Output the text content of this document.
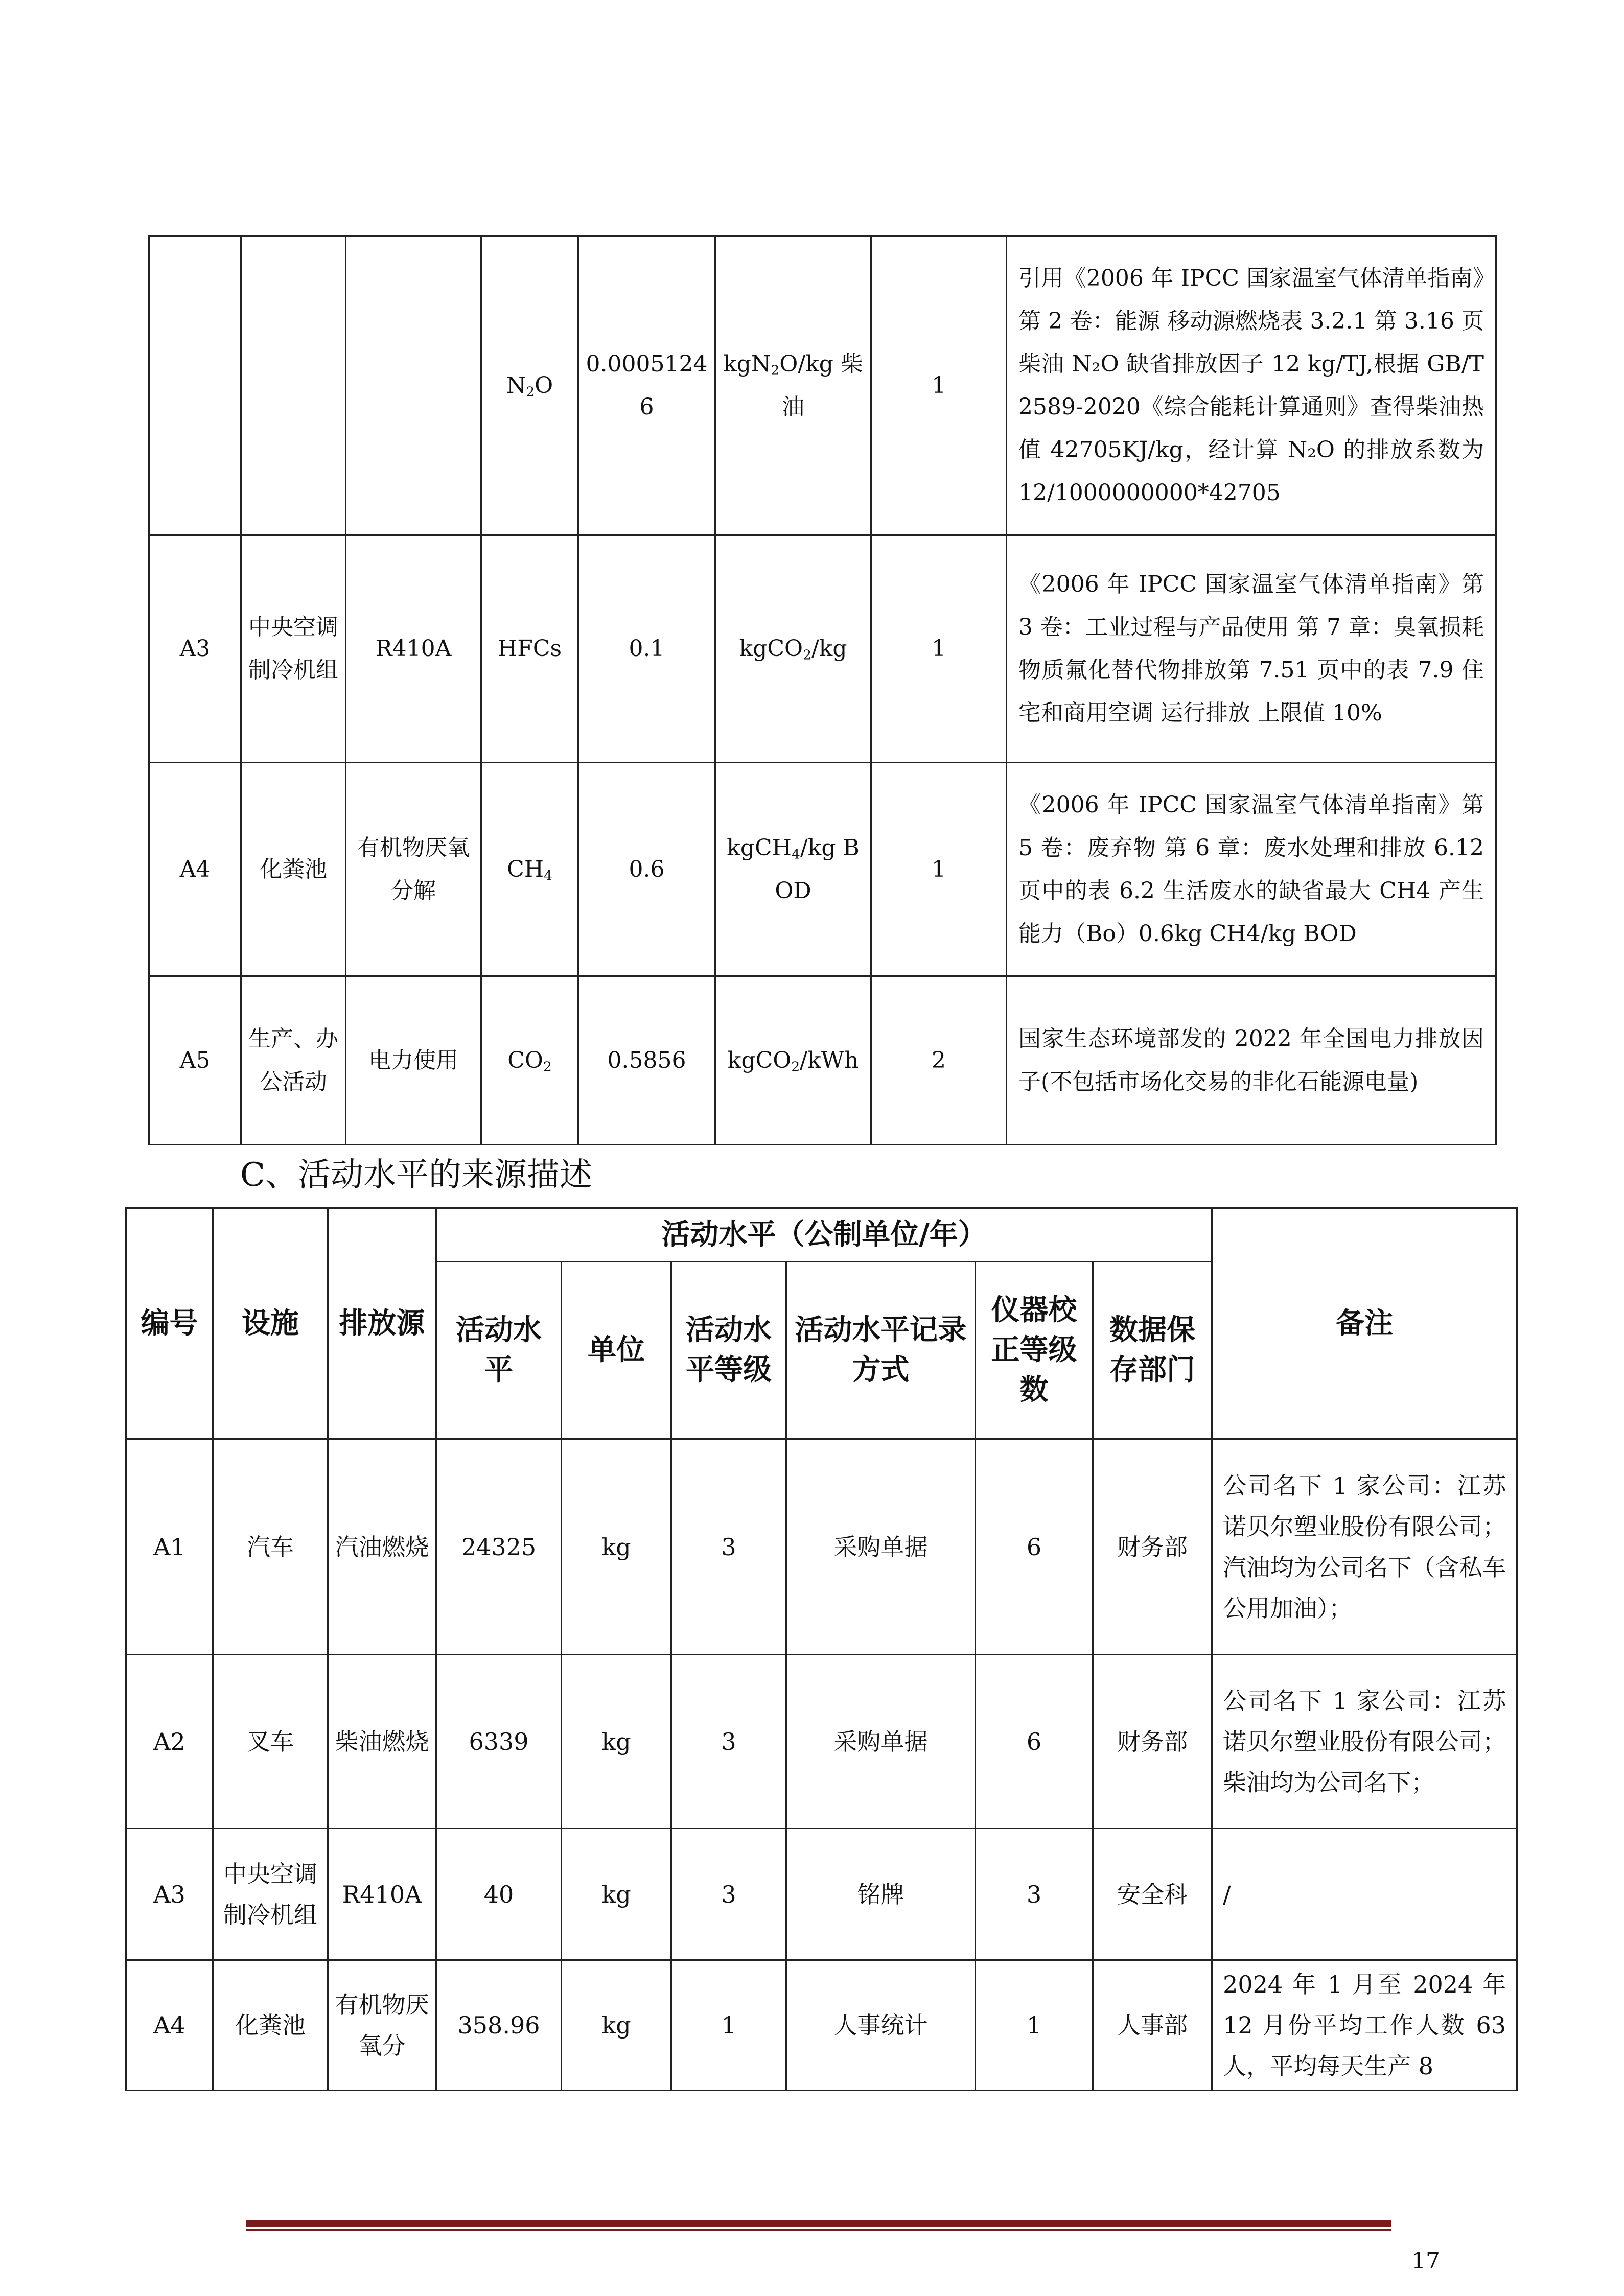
			$N_2O$	0.00051246	kgN$_2$O/kg 柴油	1	引用《2006 年 IPCC 国家温室气体清单指南》第 2 卷：能源 移动源燃烧表 3.2.1 第 3.16 页柴油 N₂O 缺省排放因子 12 kg/TJ,根据 GB/T 2589-2020《综合能耗计算通则》查得柴油热值 42705KJ/kg，经计算 N₂O 的排放系数为 12/1000000000*42705
A3	中央空调制冷机组	R410A	HFCs	0.1	kgCO$_2$/kg	1	《2006 年 IPCC 国家温室气体清单指南》第 3 卷：工业过程与产品使用 第 7 章：臭氧损耗物质氟化替代物排放第 7.51 页中的表 7.9 住宅和商用空调 运行排放 上限值 10%
A4	化粪池	有机物厌氧分解	$CH_4$	0.6	kgCH$_4$/kg BOD	1	《2006 年 IPCC 国家温室气体清单指南》第 5 卷：废弃物 第 6 章：废水处理和排放 6.12 页中的表 6.2 生活废水的缺省最大 CH4 产生能力（Bo）0.6kg CH4/kg BOD
A5	生产、办公活动	电力使用	$CO_2$	0.5856	kgCO$_2$/kWh	2	国家生态环境部发的 2022 年全国电力排放因子(不包括市场化交易的非化石能源电量)
C、活动水平的来源描述
编号	设施	排放源	活动水平（公制单位/年）						备注
			活动水平	单位	活动水平等级	活动水平记录方式	仪器校正等级数	数据保存部门	
A1	汽车	汽油燃烧	24325	kg	3	采购单据	6	财务部	公司名下 1 家公司：江苏诺贝尔塑业股份有限公司；汽油均为公司名下（含私车公用加油）；
A2	叉车	柴油燃烧	6339	kg	3	采购单据	6	财务部	公司名下 1 家公司：江苏诺贝尔塑业股份有限公司；柴油均为公司名下；
A3	中央空调制冷机组	R410A	40	kg	3	铭牌	3	安全科	/
A4	化粪池	有机物厌氧分	358.96	kg	1	人事统计	1	人事部	2024 年 1 月至 2024 年 12 月份平均工作人数 63 人，平均每天生产 8
17
